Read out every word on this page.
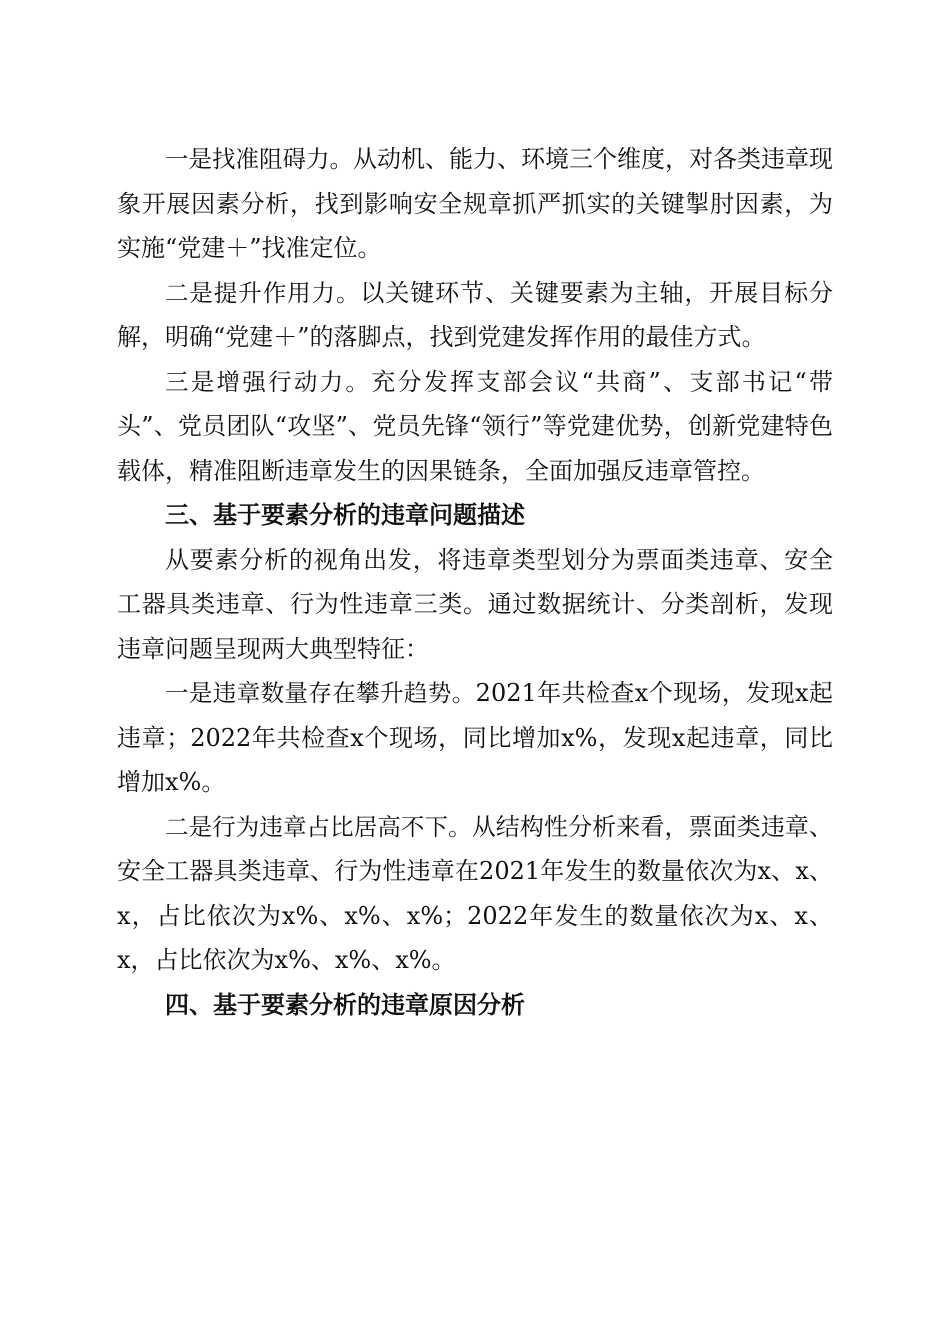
一是找准阻碍力。从动机、能力、环境三个维度，对各类违章现象开展因素分析，找到影响安全规章抓严抓实的关键掣肘因素，为实施“党建＋”找准定位。

二是提升作用力。以关键环节、关键要素为主轴，开展目标分解，明确“党建＋”的落脚点，找到党建发挥作用的最佳方式。

三是增强行动力。充分发挥支部会议“共商”、支部书记“带头”、党员团队“攻坚”、党员先锋“领行”等党建优势，创新党建特色载体，精准阻断违章发生的因果链条，全面加强反违章管控。

三、基于要素分析的违章问题描述

从要素分析的视角出发，将违章类型划分为票面类违章、安全工器具类违章、行为性违章三类。通过数据统计、分类剖析，发现违章问题呈现两大典型特征：

一是违章数量存在攀升趋势。2021年共检查x个现场，发现x起违章；2022年共检查x个现场，同比增加x%，发现x起违章，同比增加x%。

二是行为违章占比居高不下。从结构性分析来看，票面类违章、安全工器具类违章、行为性违章在2021年发生的数量依次为x、x、x，占比依次为x%、x%、x%；2022年发生的数量依次为x、x、x，占比依次为x%、x%、x%。

四、基于要素分析的违章原因分析
